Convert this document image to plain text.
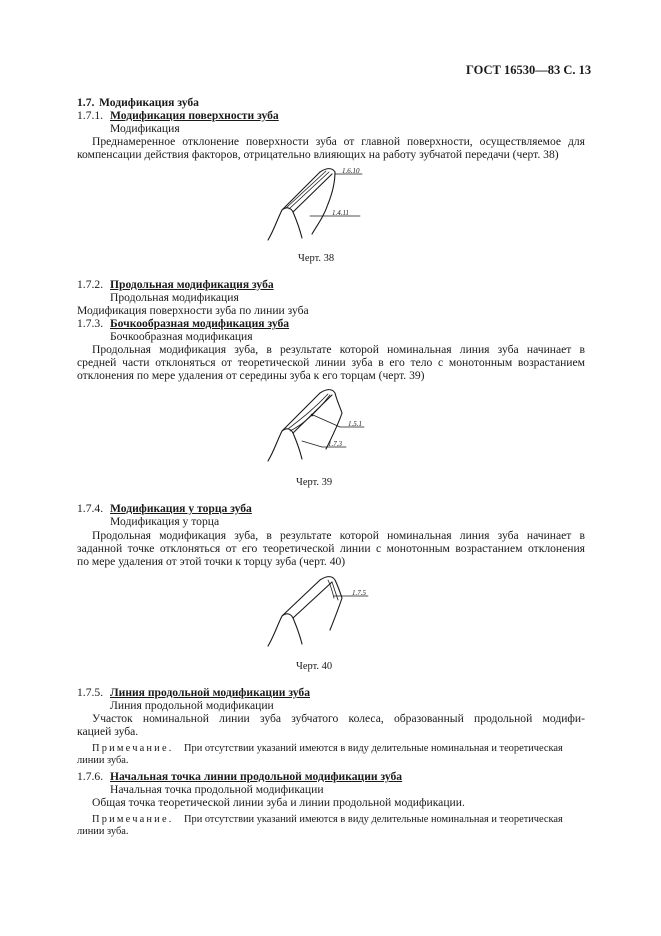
ГОСТ 16530—83 С. 13
1.7. Модификация зуба
1.7.1. Модификация поверхности зуба
Модификация
Преднамеренное отклонение поверхности зуба от главной поверхности, осуществляемое для
компенсации действия факторов, отрицательно влияющих на работу зубчатой передачи (черт. 38)
1.6.10
1.4.11
Черт. 38
1.7.2. Продольная модификация зуба
Продольная модификация
Модификация поверхности зуба по линии зуба
1.7.3. Бочкообразная модификация зуба
Бочкообразная модификация
Продольная модификация зуба, в результате которой номинальная линия зуба начинает в
средней части отклоняться от теоретической линии зуба в его тело с монотонным возрастанием
отклонения по мере удаления от середины зуба к его торцам (черт. 39)
1.5.1
1.7.3
Черт. 39
1.7.4. Модификация у торца зуба
Модификация у торца
Продольная модификация зуба, в результате которой номинальная линия зуба начинает в
заданной точке отклоняться от его теоретической линии с монотонным возрастанием отклонения
по мере удаления от этой точки к торцу зуба (черт. 40)
1.7.5
Черт. 40
1.7.5. Линия продольной модификации зуба
Линия продольной модификации
Участок номинальной линии зуба зубчатого колеса, образованный продольной модифи-
кацией зуба.
Примечание. При отсутствии указаний имеются в виду делительные номинальная и теоретическая
линии зуба.
1.7.6. Начальная точка линии продольной модификации зуба
Начальная точка продольной модификации
Общая точка теоретической линии зуба и линии продольной модификации.
Примечание. При отсутствии указаний имеются в виду делительные номинальная и теоретическая
линии зуба.
